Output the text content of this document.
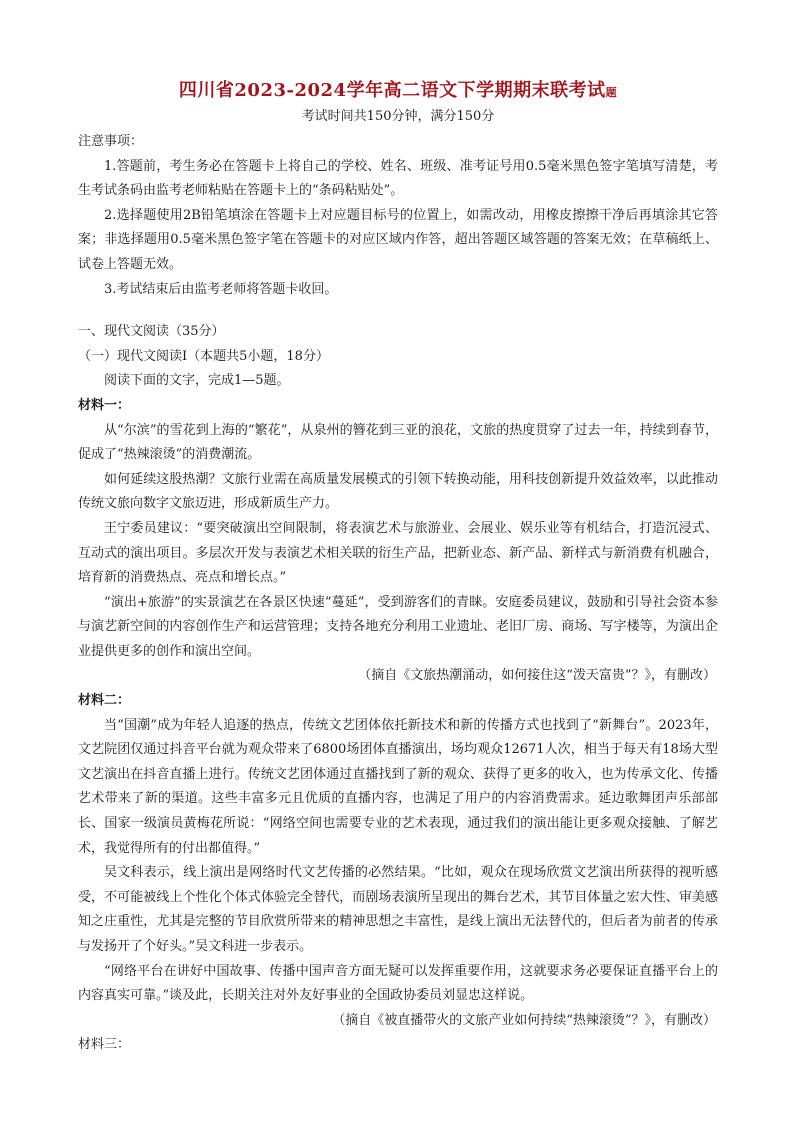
四川省2023-2024学年高二语文下学期期末联考试题
考试时间共150分钟，满分150分

注意事项：

1.答题前，考生务必在答题卡上将自己的学校、姓名、班级、准考证号用0.5毫米黑色签字笔填写清楚，考生考试条码由监考老师粘贴在答题卡上的“条码粘贴处”。

2.选择题使用2B铅笔填涂在答题卡上对应题目标号的位置上，如需改动，用橡皮擦擦干净后再填涂其它答案；非选择题用0.5毫米黑色签字笔在答题卡的对应区域内作答，超出答题区域答题的答案无效；在草稿纸上、试卷上答题无效。

3.考试结束后由监考老师将答题卡收回。

一、现代文阅读（35分）

（一）现代文阅读Ⅰ（本题共5小题，18分）

阅读下面的文字，完成1—5题。

材料一：

从“尔滨”的雪花到上海的“繁花”，从泉州的簪花到三亚的浪花，文旅的热度贯穿了过去一年，持续到春节，促成了“热辣滚烫”的消费潮流。

如何延续这股热潮？文旅行业需在高质量发展模式的引领下转换动能，用科技创新提升效益效率，以此推动传统文旅向数字文旅迈进，形成新质生产力。

王宁委员建议：“要突破演出空间限制，将表演艺术与旅游业、会展业、娱乐业等有机结合，打造沉浸式、互动式的演出项目。多层次开发与表演艺术相关联的衍生产品，把新业态、新产品、新样式与新消费有机融合，培育新的消费热点、亮点和增长点。”

“演出+旅游”的实景演艺在各景区快速“蔓延”，受到游客们的青睐。安庭委员建议，鼓励和引导社会资本参与演艺新空间的内容创作生产和运营管理；支持各地充分利用工业遗址、老旧厂房、商场、写字楼等，为演出企业提供更多的创作和演出空间。

（摘自《文旅热潮涌动，如何接住这“泼天富贵”？》，有删改）

材料二：

当“国潮”成为年轻人追逐的热点，传统文艺团体依托新技术和新的传播方式也找到了“新舞台”。2023年，文艺院团仅通过抖音平台就为观众带来了6800场团体直播演出，场均观众12671人次，相当于每天有18场大型文艺演出在抖音直播上进行。传统文艺团体通过直播找到了新的观众、获得了更多的收入，也为传承文化、传播艺术带来了新的渠道。这些丰富多元且优质的直播内容，也满足了用户的内容消费需求。延边歌舞团声乐部部长、国家一级演员黄梅花所说：“网络空间也需要专业的艺术表现，通过我们的演出能让更多观众接触、了解艺术，我觉得所有的付出都值得。”

吴文科表示，线上演出是网络时代文艺传播的必然结果。“比如，观众在现场欣赏文艺演出所获得的视听感受，不可能被线上个性化个体式体验完全替代，而剧场表演所呈现出的舞台艺术，其节目体量之宏大性、审美感知之庄重性，尤其是完整的节目欣赏所带来的精神思想之丰富性，是线上演出无法替代的，但后者为前者的传承与发扬开了个好头。”吴文科进一步表示。

“网络平台在讲好中国故事、传播中国声音方面无疑可以发挥重要作用，这就要求务必要保证直播平台上的内容真实可靠。”谈及此，长期关注对外友好事业的全国政协委员刘显忠这样说。

（摘自《被直播带火的文旅产业如何持续“热辣滚烫”？》，有删改）

材料三：
